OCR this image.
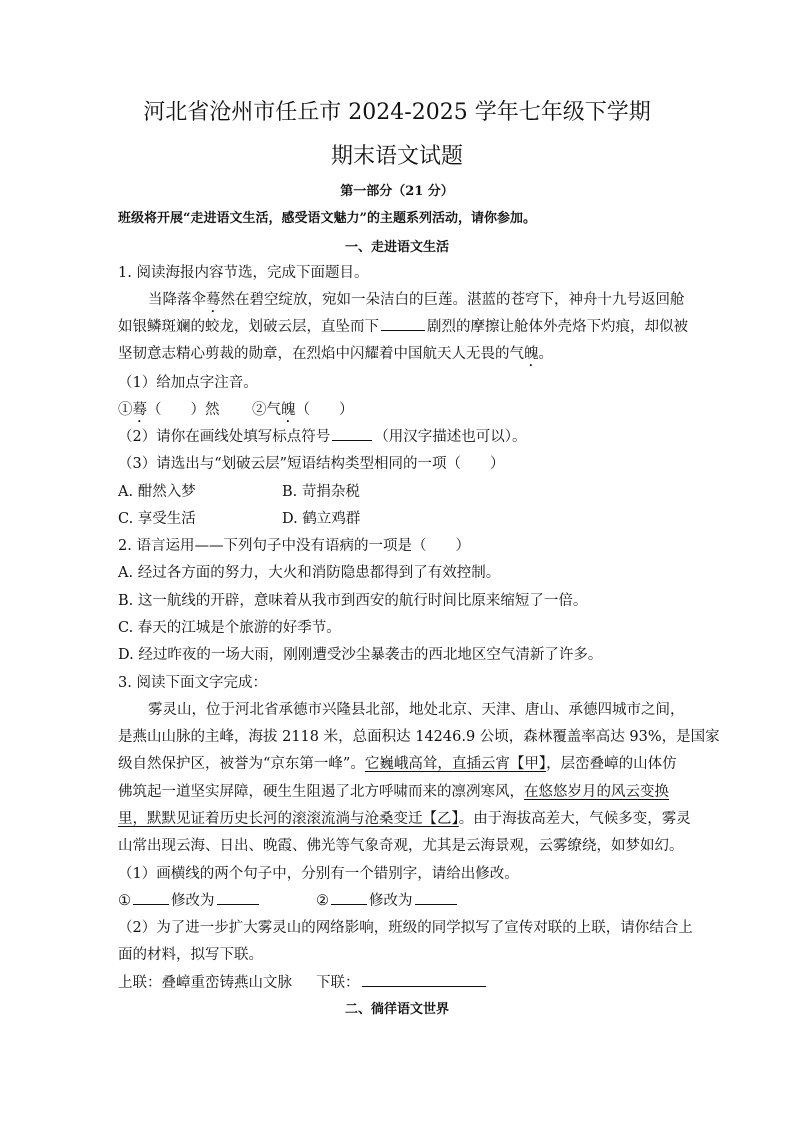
河北省沧州市任丘市 2024-2025 学年七年级下学期
期末语文试题
第一部分（21 分）
班级将开展“走进语文生活，感受语文魅力”的主题系列活动，请你参加。
一、走进语文生活
1. 阅读海报内容节选，完成下面题目。
当降落伞蓦然在碧空绽放，宛如一朵洁白的巨莲。湛蓝的苍穹下，神舟十九号返回舱
如银鳞斑斓的蛟龙，划破云层，直坠而下	剧烈的摩擦让舱体外壳烙下灼痕，却似被
坚韧意志精心剪裁的勋章，在烈焰中闪耀着中国航天人无畏的气魄。
（1）给加点字注音。
①蓦（　　）然 ②气魄（　　）
（2）请你在画线处填写标点符号	（用汉字描述也可以）。
（3）请选出与“划破云层”短语结构类型相同的一项（　　）
A. 酣然入梦	B. 苛捐杂税
C. 享受生活	D. 鹤立鸡群
2. 语言运用——下列句子中没有语病的一项是（　　）
A. 经过各方面的努力，大火和消防隐患都得到了有效控制。
B. 这一航线的开辟，意味着从我市到西安的航行时间比原来缩短了一倍。
C. 春天的江城是个旅游的好季节。
D. 经过昨夜的一场大雨，刚刚遭受沙尘暴袭击的西北地区空气清新了许多。
3. 阅读下面文字完成：
雾灵山，位于河北省承德市兴隆县北部，地处北京、天津、唐山、承德四城市之间，
是燕山山脉的主峰，海拔 2118 米，总面积达 14246.9 公顷，森林覆盖率高达 93%，是国家
级自然保护区，被誉为“京东第一峰”。它巍峨高耸，直插云宵【甲】，层峦叠嶂的山体仿
佛筑起一道坚实屏障，硬生生阻遏了北方呼啸而来的凛冽寒风，在悠悠岁月的风云变换
里，默默见证着历史长河的滚滚流淌与沧桑变迁【乙】。由于海拔高差大，气候多变，雾灵
山常出现云海、日出、晚霞、佛光等气象奇观，尤其是云海景观，云雾缭绕，如梦如幻。
（1）画横线的两个句子中，分别有一个错别字，请给出修改。
①	修改为	②	修改为
（2）为了进一步扩大雾灵山的网络影响，班级的同学拟写了宣传对联的上联，请你结合上
面的材料，拟写下联。
上联：叠嶂重峦铸燕山文脉 下联：
二、徜徉语文世界
